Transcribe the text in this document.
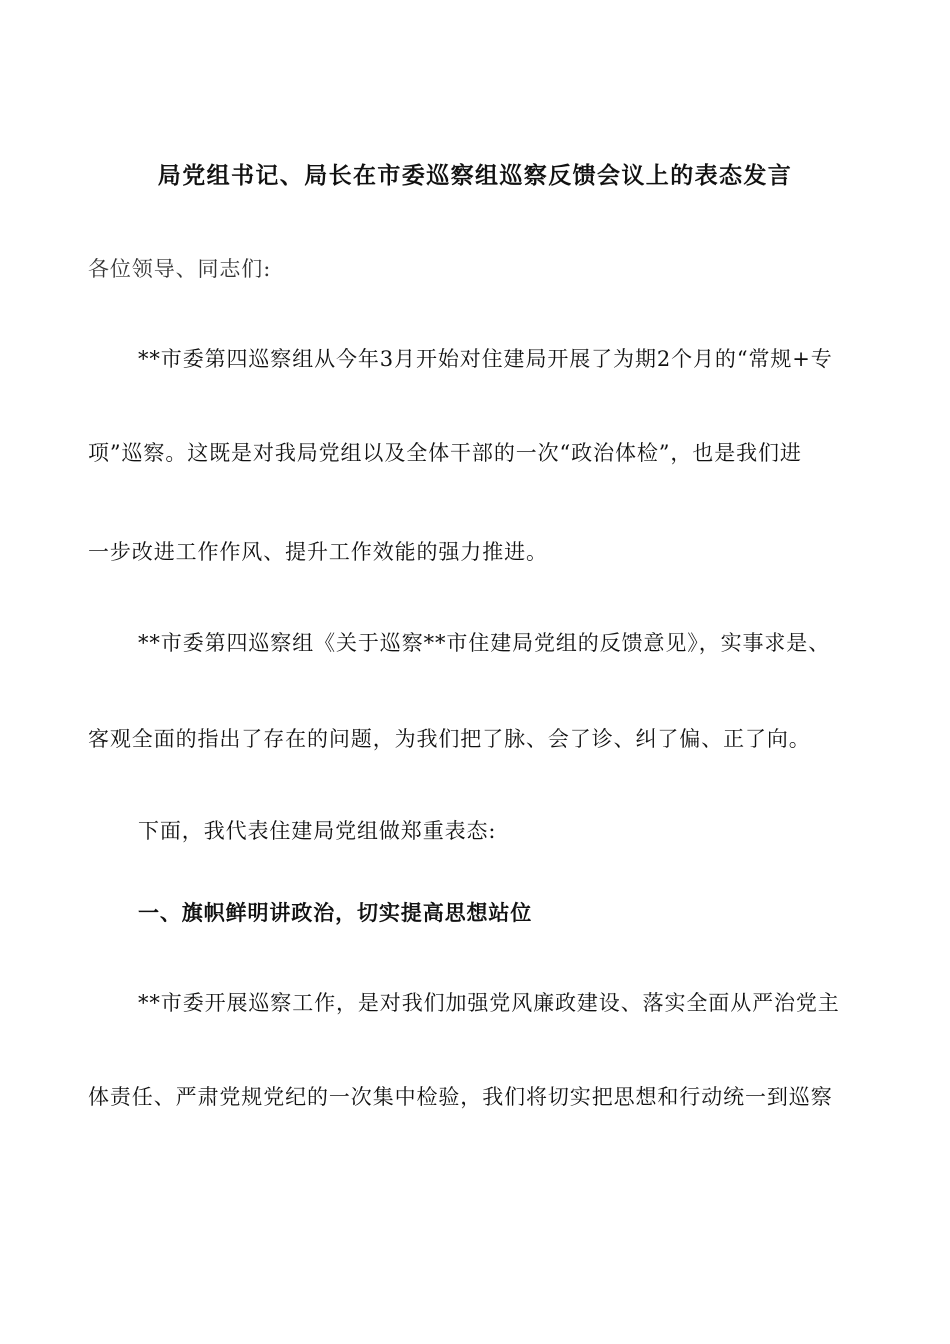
局党组书记、局长在市委巡察组巡察反馈会议上的表态发言

各位领导、同志们:

**市委第四巡察组从今年3月开始对住建局开展了为期2个月的“常规+专

项”巡察。这既是对我局党组以及全体干部的一次“政治体检”，也是我们进

一步改进工作作风、提升工作效能的强力推进。

**市委第四巡察组《关于巡察**市住建局党组的反馈意见》，实事求是、

客观全面的指出了存在的问题，为我们把了脉、会了诊、纠了偏、正了向。

下面，我代表住建局党组做郑重表态:

一、旗帜鲜明讲政治，切实提高思想站位

**市委开展巡察工作，是对我们加强党风廉政建设、落实全面从严治党主

体责任、严肃党规党纪的一次集中检验，我们将切实把思想和行动统一到巡察
